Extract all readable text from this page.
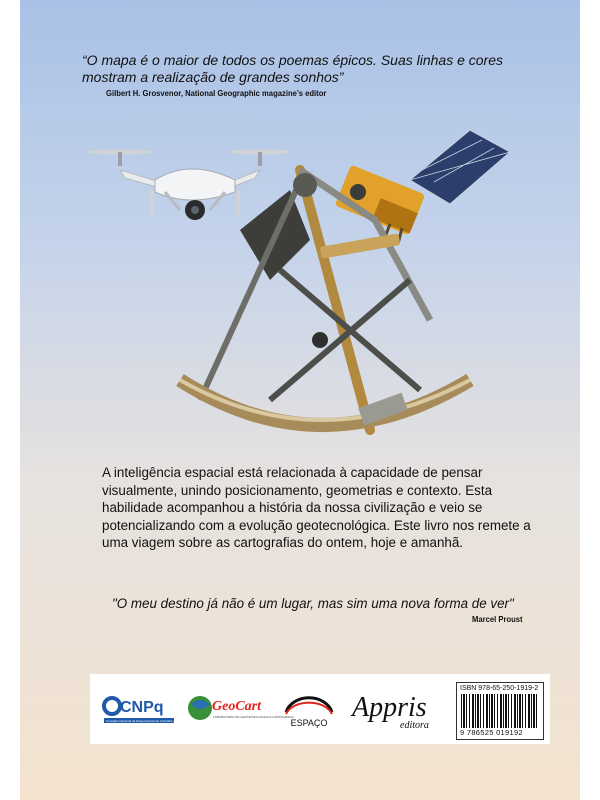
“O mapa é o maior de todos os poemas épicos. Suas linhas e cores mostram a realização de grandes sonhos”
Gilbert H. Grosvenor, National Geographic magazine’s editor
A inteligência espacial está relacionada à capacidade de pensar visualmente, unindo posicionamento, geometrias e contexto. Esta habilidade acompanhou a história da nossa civilização e veio se potencializando com a evolução geotecnológica. Este livro nos remete a uma viagem sobre as cartografias do ontem, hoje e amanhã.
"O meu destino já não é um lugar, mas sim uma nova forma de ver"
Marcel Proust
CNPq
Conselho Nacional de Desenvolvimento Científico e Tecnológico
GeoCart
LABORATÓRIO DE GEOTECNOLOGIAS E CARTOGRAFIA
ESPAÇO Appris
editora
ISBN 978-65-250-1919-2
9 786525 019192
